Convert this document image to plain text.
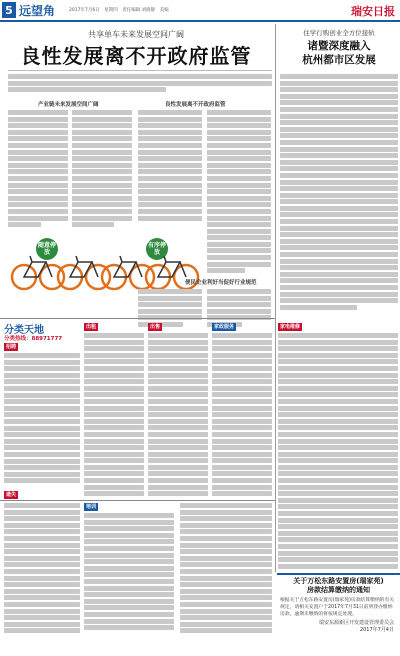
5 远望角	2017年7月6日　星期四　责任编辑 刘晓静　美编	瑞安日报
共享单车未来发展空间广阔
良性发展离不开政府监管
产业链未来发展空间广阔	良性发展离不开政府监管
随意停放
有序停放
便民企业利好当促好行业规范
分类天地
分类热线：88971777
招聘
遗失
出租	出售	家政服务	家电维修
培训
住学行购创业全方位接轨
诸暨深度融入
杭州都市区发展
关于万松东路安置房(瑞家苑)
房款结算缴纳的通知
根据关于万松东路安置房(瑞家苑)房款结算缴纳的有关规定，请相关安置户于2017年7月31日前到我办缴纳房款，逾期未缴纳的将按规定处理。
瑞安东源新区开发建设管理委员会
2017年7月4日
